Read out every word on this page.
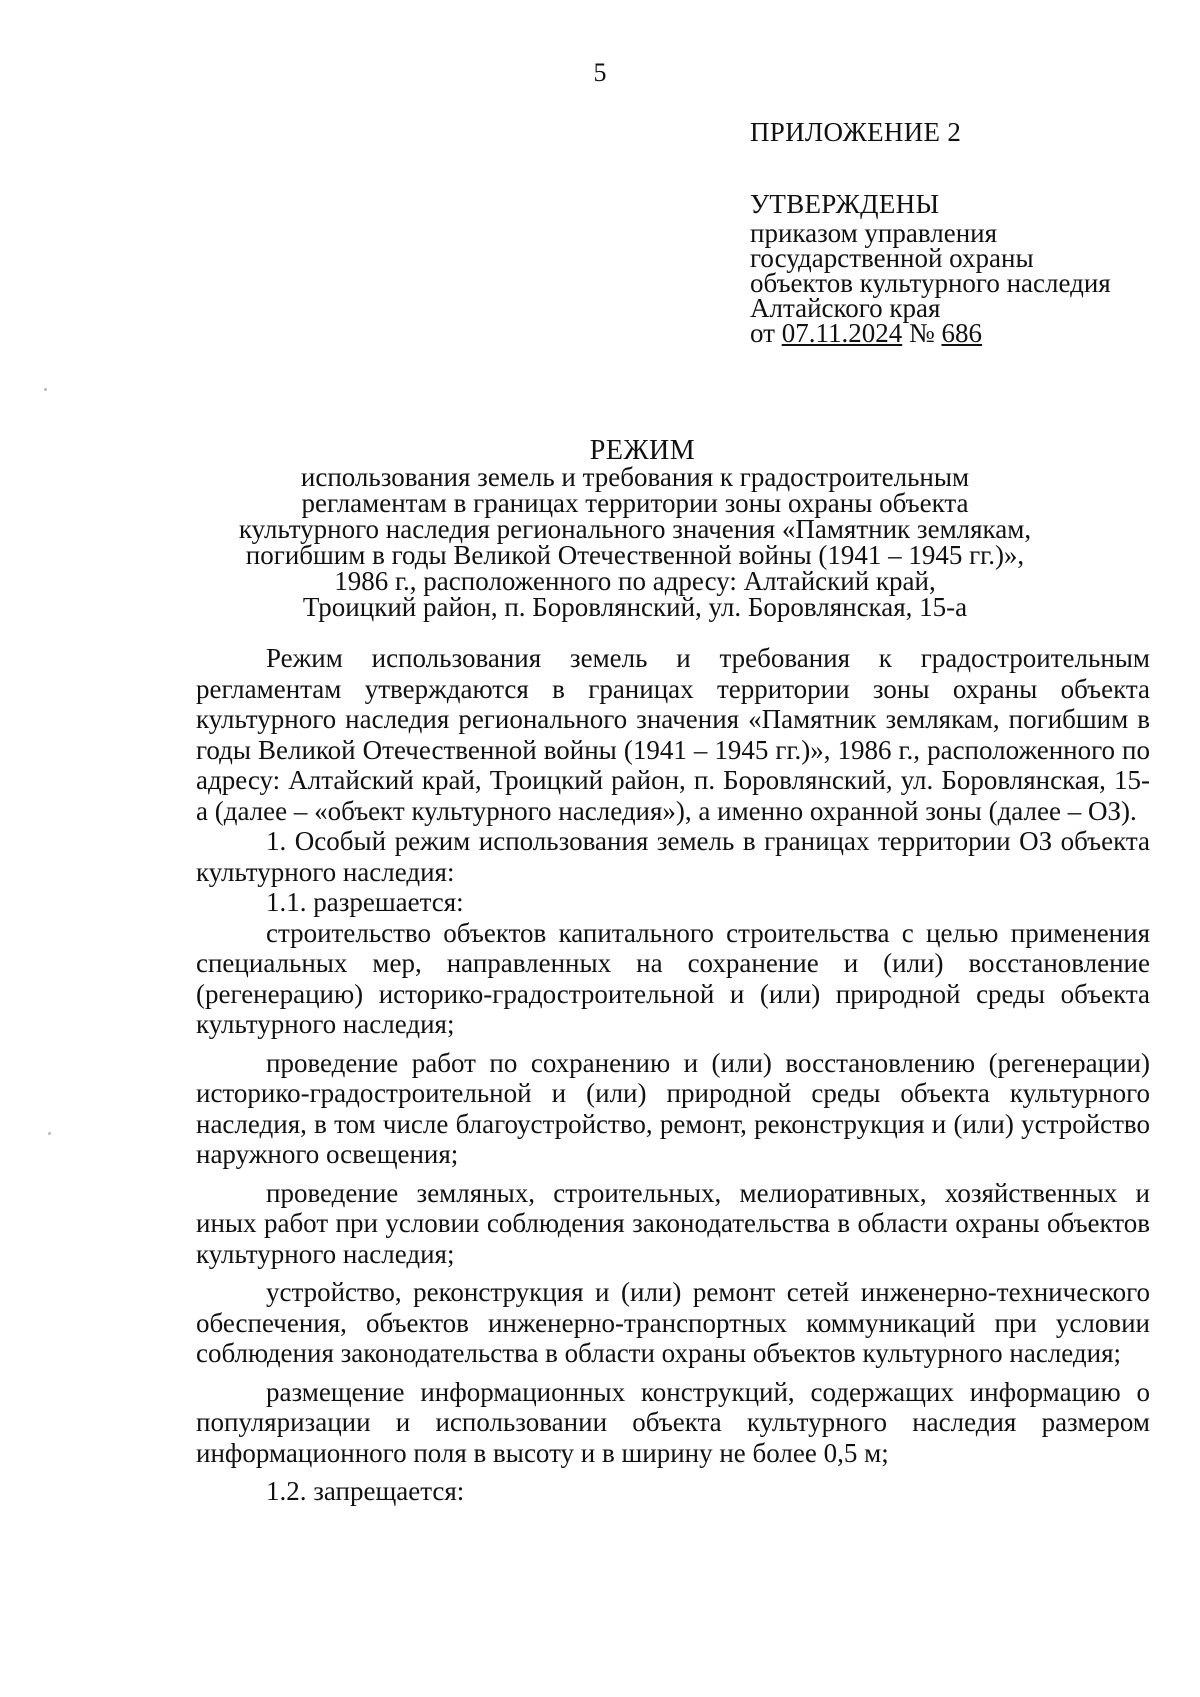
5
ПРИЛОЖЕНИЕ 2
УТВЕРЖДЕНЫ
приказом управления
государственной охраны
объектов культурного наследия
Алтайского края
от 07.11.2024 № 686
РЕЖИМ
использования земель и требования к градостроительным
регламентам в границах территории зоны охраны объекта
культурного наследия регионального значения «Памятник землякам,
погибшим в годы Великой Отечественной войны (1941 – 1945 гг.)»,
1986 г., расположенного по адресу: Алтайский край,
Троицкий район, п. Боровлянский, ул. Боровлянская, 15-а

Режим использования земель и требования к градостроительным регламентам утверждаются в границах территории зоны охраны объекта культурного наследия регионального значения «Памятник землякам, погибшим в годы Великой Отечественной войны (1941 – 1945 гг.)», 1986 г., расположенного по адресу: Алтайский край, Троицкий район, п. Боровлянский, ул. Боровлянская, 15-а (далее – «объект культурного наследия»), а именно охранной зоны (далее – ОЗ).

1. Особый режим использования земель в границах территории ОЗ объекта культурного наследия:

1.1. разрешается:

строительство объектов капитального строительства с целью применения специальных мер, направленных на сохранение и (или) восстановление (регенерацию) историко-градостроительной и (или) природной среды объекта культурного наследия;

проведение работ по сохранению и (или) восстановлению (регенерации) историко-градостроительной и (или) природной среды объекта культурного наследия, в том числе благоустройство, ремонт, реконструкция и (или) устройство наружного освещения;

проведение земляных, строительных, мелиоративных, хозяйственных и иных работ при условии соблюдения законодательства в области охраны объектов культурного наследия;

устройство, реконструкция и (или) ремонт сетей инженерно-технического обеспечения, объектов инженерно-транспортных коммуникаций при условии соблюдения законодательства в области охраны объектов культурного наследия;

размещение информационных конструкций, содержащих информацию о популяризации и использовании объекта культурного наследия размером информационного поля в высоту и в ширину не более 0,5 м;

1.2. запрещается:
